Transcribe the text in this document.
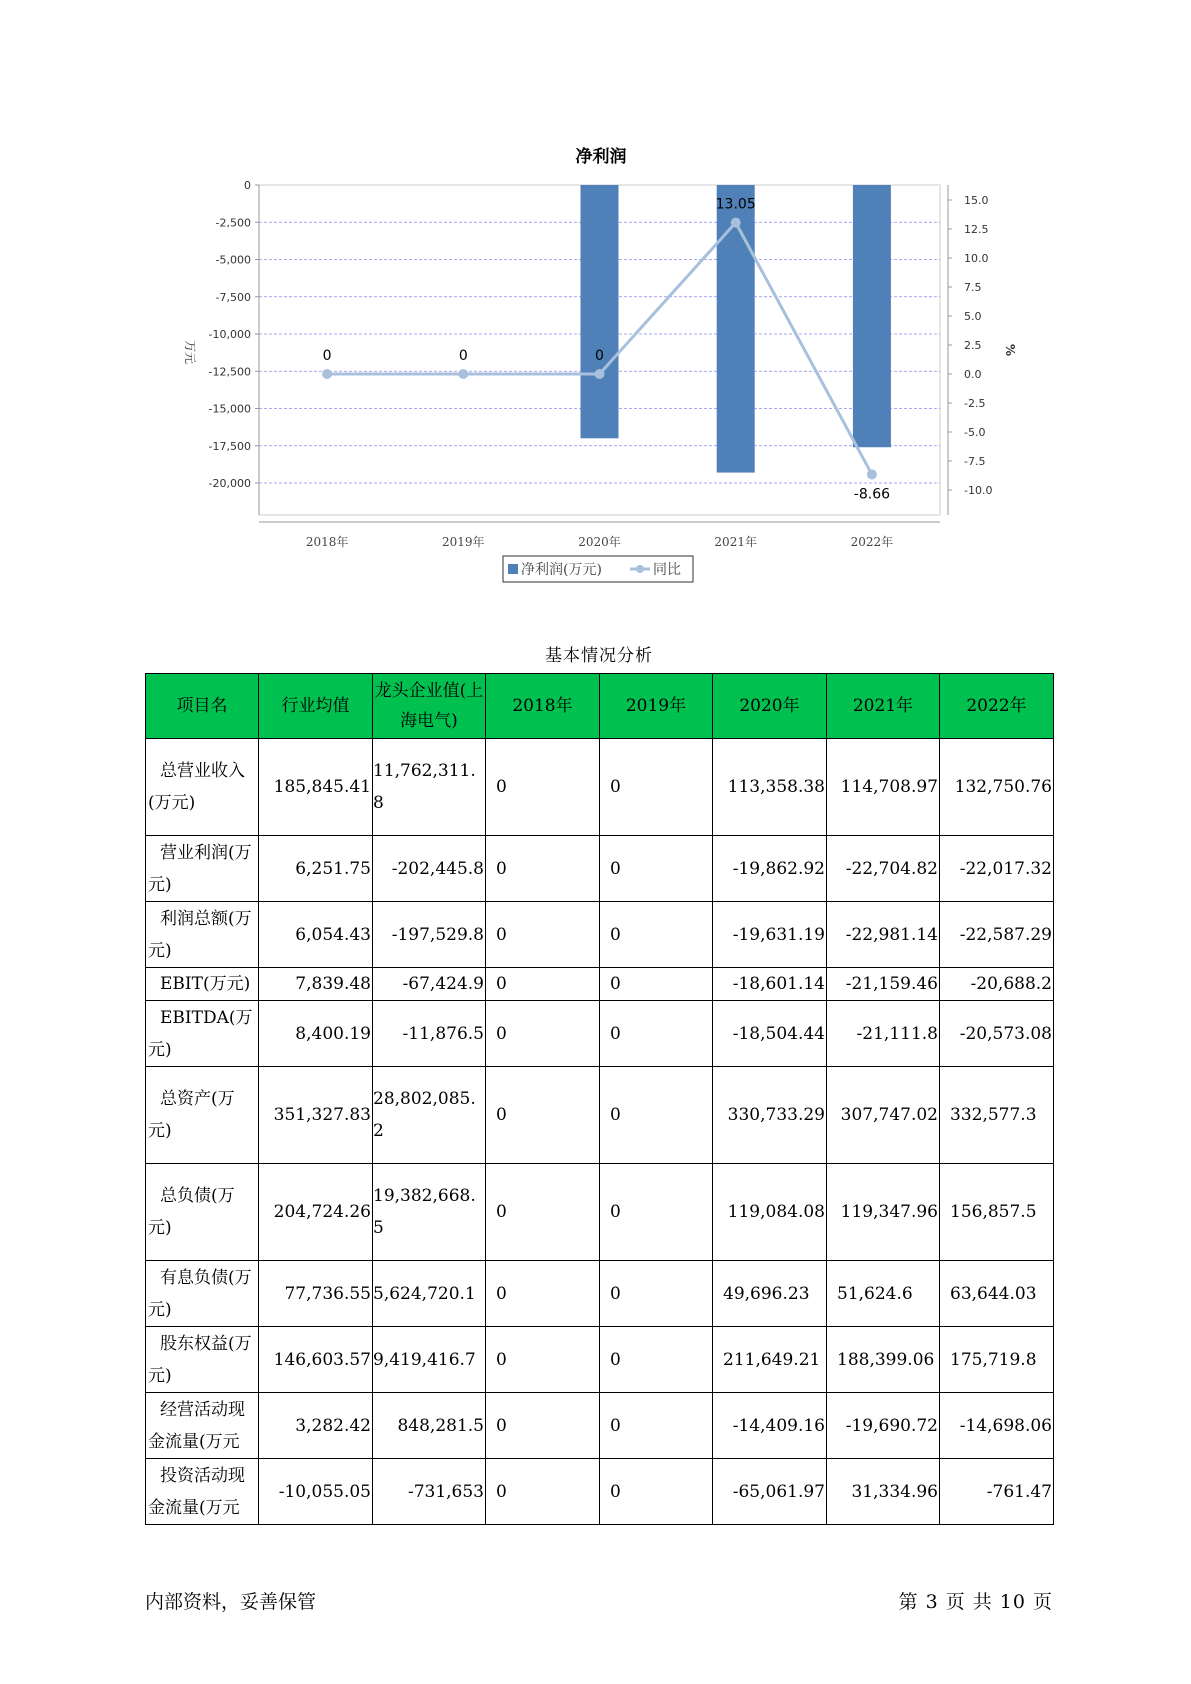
净利润
0
-2,500
-5,000
-7,500
-10,000
-12,500
-15,000
-17,500
-20,000
15.0
12.5
10.0
7.5
5.0
2.5
0.0
-2.5
-5.0
-7.5
-10.0
2018年	2019年	2020年	2021年	2022年
0	0	0
13.05
-8.66
万元	%
净利润(万元)	同比
基本情况分析
项目名	行业均值	龙头企业值(上海电气)	2018年	2019年	2020年	2021年	2022年
总营业收入(万元)	185,845.41	11,762,311.8	0	0	113,358.38	114,708.97	132,750.76
营业利润(万元)	6,251.75	-202,445.8	0	0	-19,862.92	-22,704.82	-22,017.32
利润总额(万元)	6,054.43	-197,529.8	0	0	-19,631.19	-22,981.14	-22,587.29
EBIT(万元)	7,839.48	-67,424.9	0	0	-18,601.14	-21,159.46	-20,688.2
EBITDA(万元)	8,400.19	-11,876.5	0	0	-18,504.44	-21,111.8	-20,573.08
总资产(万元)	351,327.83	28,802,085.2	0	0	330,733.29	307,747.02	332,577.3
总负债(万元)	204,724.26	19,382,668.5	0	0	119,084.08	119,347.96	156,857.5
有息负债(万元)	77,736.55	5,624,720.1	0	0	49,696.23	51,624.6	63,644.03
股东权益(万元)	146,603.57	9,419,416.7	0	0	211,649.21	188,399.06	175,719.8
经营活动现金流量(万元	3,282.42	848,281.5	0	0	-14,409.16	-19,690.72	-14,698.06
投资活动现金流量(万元	-10,055.05	-731,653	0	0	-65,061.97	31,334.96	-761.47
内部资料，妥善保管	第 3 页 共 10 页
